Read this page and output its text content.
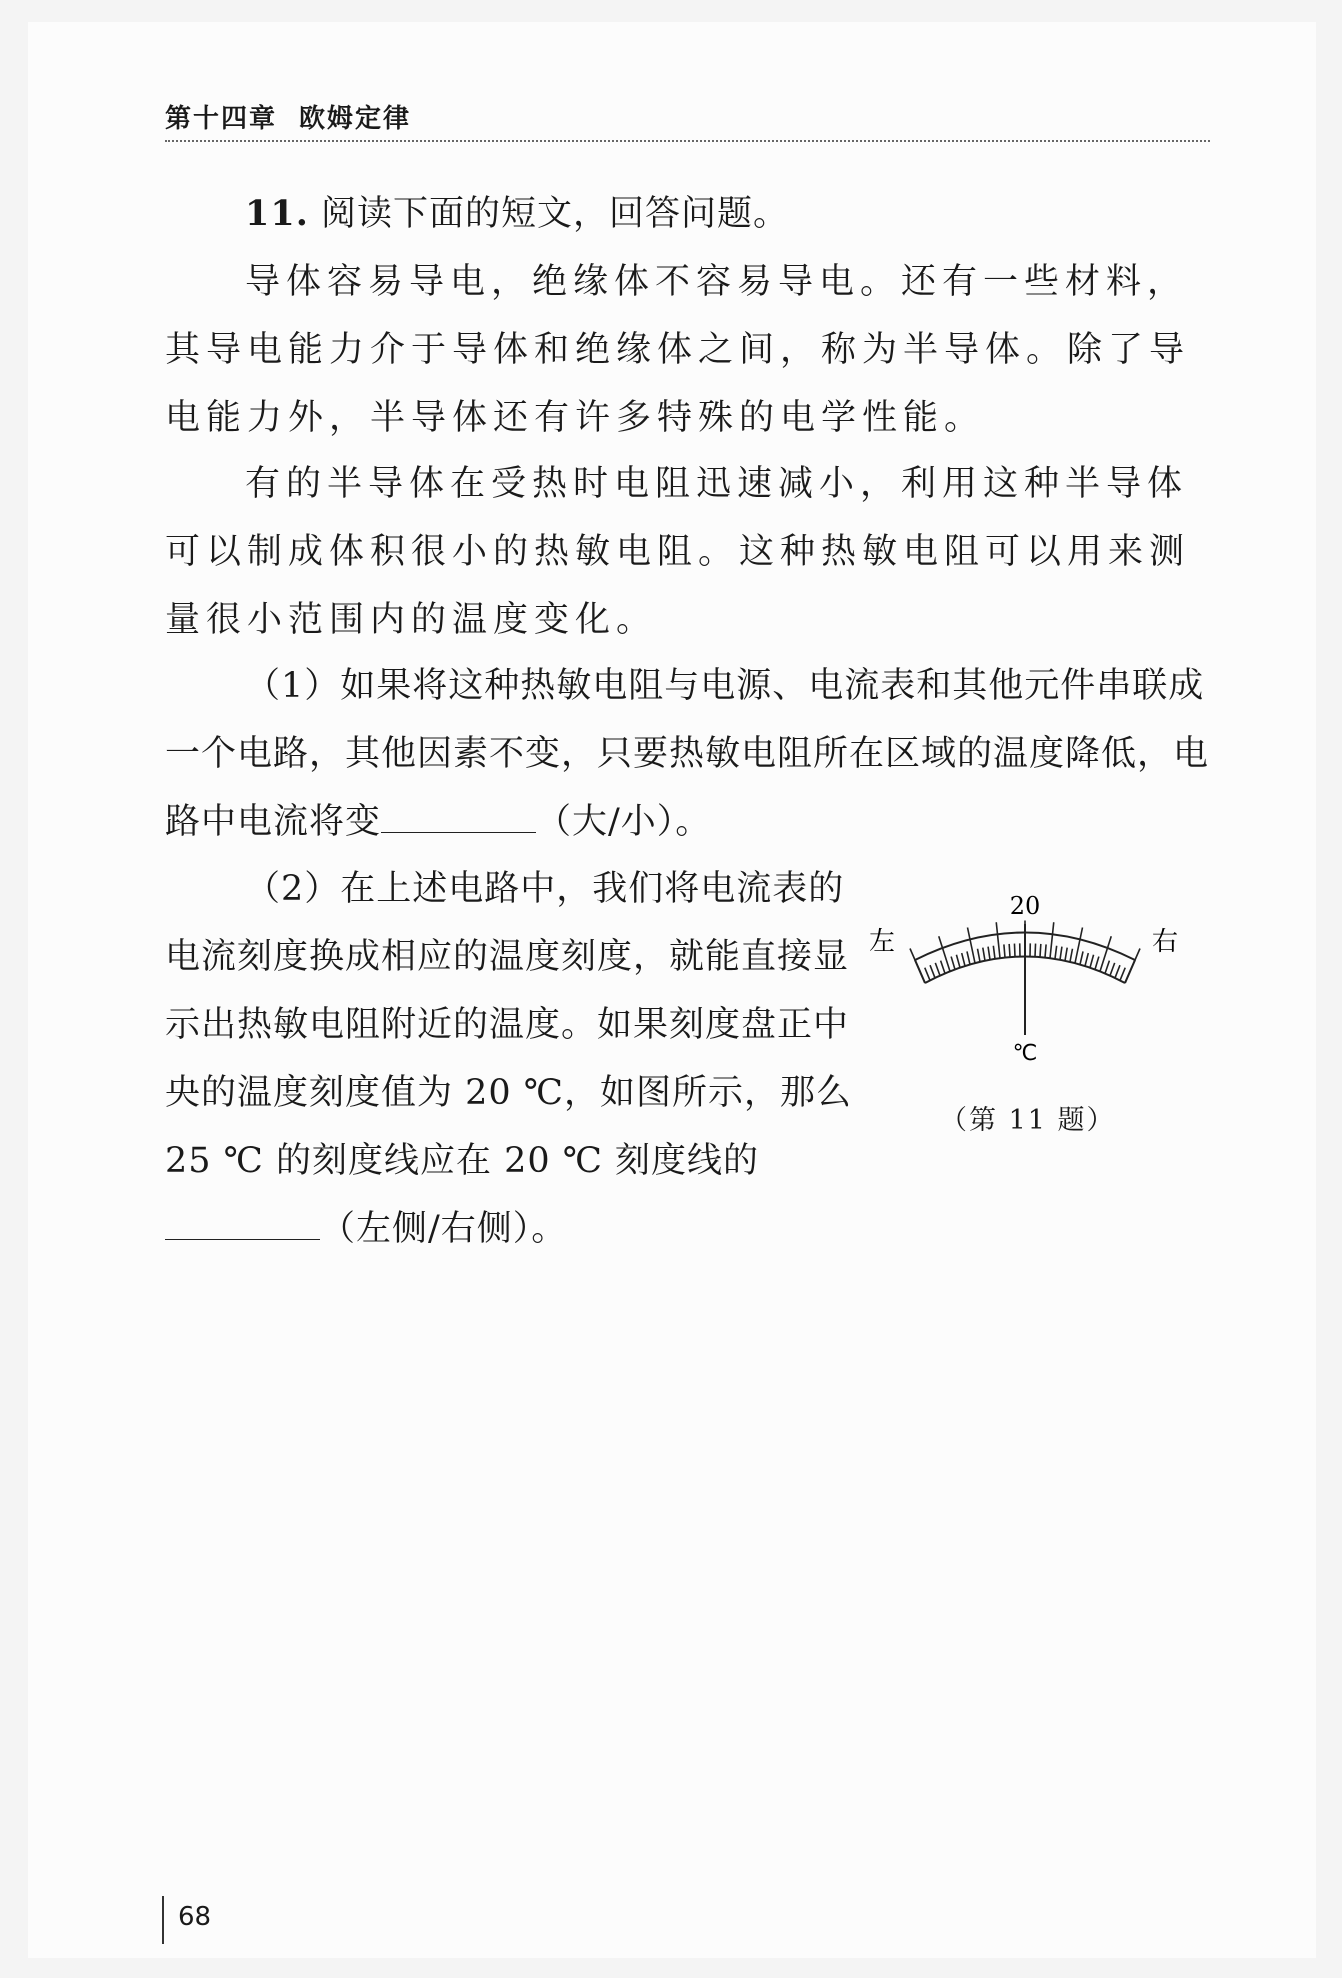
第十四章 欧姆定律
11. 阅读下面的短文，回答问题。
导体容易导电，绝缘体不容易导电。还有一些材料，其导电能力介于导体和绝缘体之间，称为半导体。除了导电能力外，半导体还有许多特殊的电学性能。
有的半导体在受热时电阻迅速减小，利用这种半导体可以制成体积很小的热敏电阻。这种热敏电阻可以用来测量很小范围内的温度变化。
（1）如果将这种热敏电阻与电源、电流表和其他元件串联成一个电路，其他因素不变，只要热敏电阻所在区域的温度降低，电路中电流将变	（大/小）。
（2）在上述电路中，我们将电流表的电流刻度换成相应的温度刻度，就能直接显示出热敏电阻附近的温度。如果刻度盘正中央的温度刻度值为 20 ℃，如图所示，那么25 ℃ 的刻度线应在 20 ℃ 刻度线的（左侧/右侧）。
20
左	右
℃
（第 11 题）
68
